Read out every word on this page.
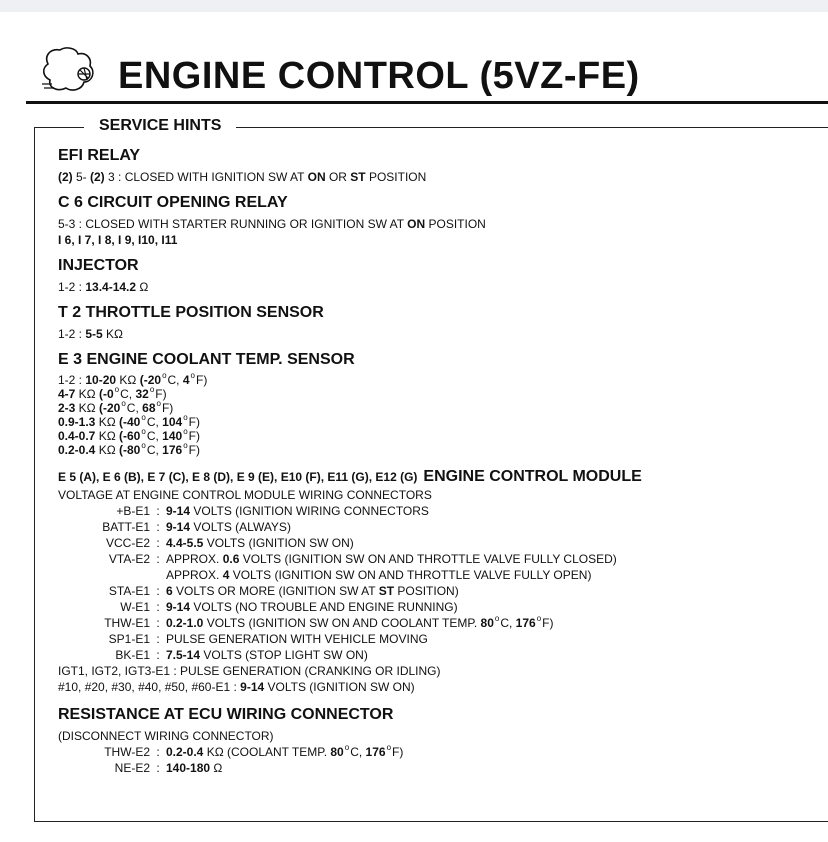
ENGINE CONTROL (5VZ-FE)
SERVICE HINTS
EFI RELAY
(2) 5- (2) 3 : CLOSED WITH IGNITION SW AT ON OR ST POSITION
C 6 CIRCUIT OPENING RELAY
5-3 : CLOSED WITH STARTER RUNNING OR IGNITION SW AT ON POSITION
I 6, I 7, I 8, I 9, I10, I11
INJECTOR
1-2 : 13.4-14.2 Ω
T 2 THROTTLE POSITION SENSOR
1-2 : 5-5 KΩ
E 3 ENGINE COOLANT TEMP. SENSOR
1-2 : 10-20 KΩ (-20$^o$C, 4$^o$F)
4-7 KΩ (-0$^o$C, 32$^o$F)
2-3 KΩ (-20$^o$C, 68$^o$F)
0.9-1.3 KΩ (-40$^o$C, 104$^o$F)
0.4-0.7 KΩ (-60$^o$C, 140$^o$F)
0.2-0.4 KΩ (-80$^o$C, 176$^o$F)
E 5 (A), E 6 (B), E 7 (C), E 8 (D), E 9 (E), E10 (F), E11 (G), E12 (G) ENGINE CONTROL MODULE
VOLTAGE AT ENGINE CONTROL MODULE WIRING CONNECTORS
+B-E1 : 9-14 VOLTS (IGNITION WIRING CONNECTORS
BATT-E1 : 9-14 VOLTS (ALWAYS)
VCC-E2 : 4.4-5.5 VOLTS (IGNITION SW ON)
VTA-E2 : APPROX. 0.6 VOLTS (IGNITION SW ON AND THROTTLE VALVE FULLY CLOSED)
APPROX. 4 VOLTS (IGNITION SW ON AND THROTTLE VALVE FULLY OPEN)
STA-E1 : 6 VOLTS OR MORE (IGNITION SW AT ST POSITION)
W-E1 : 9-14 VOLTS (NO TROUBLE AND ENGINE RUNNING)
THW-E1 : 0.2-1.0 VOLTS (IGNITION SW ON AND COOLANT TEMP. 80$^o$C, 176$^o$F)
SP1-E1 : PULSE GENERATION WITH VEHICLE MOVING
BK-E1 : 7.5-14 VOLTS (STOP LIGHT SW ON)
IGT1, IGT2, IGT3-E1 : PULSE GENERATION (CRANKING OR IDLING)
#10, #20, #30, #40, #50, #60-E1 : 9-14 VOLTS (IGNITION SW ON)
RESISTANCE AT ECU WIRING CONNECTOR
(DISCONNECT WIRING CONNECTOR)
THW-E2 : 0.2-0.4 KΩ (COOLANT TEMP. 80$^o$C, 176$^o$F)
NE-E2 : 140-180 Ω
